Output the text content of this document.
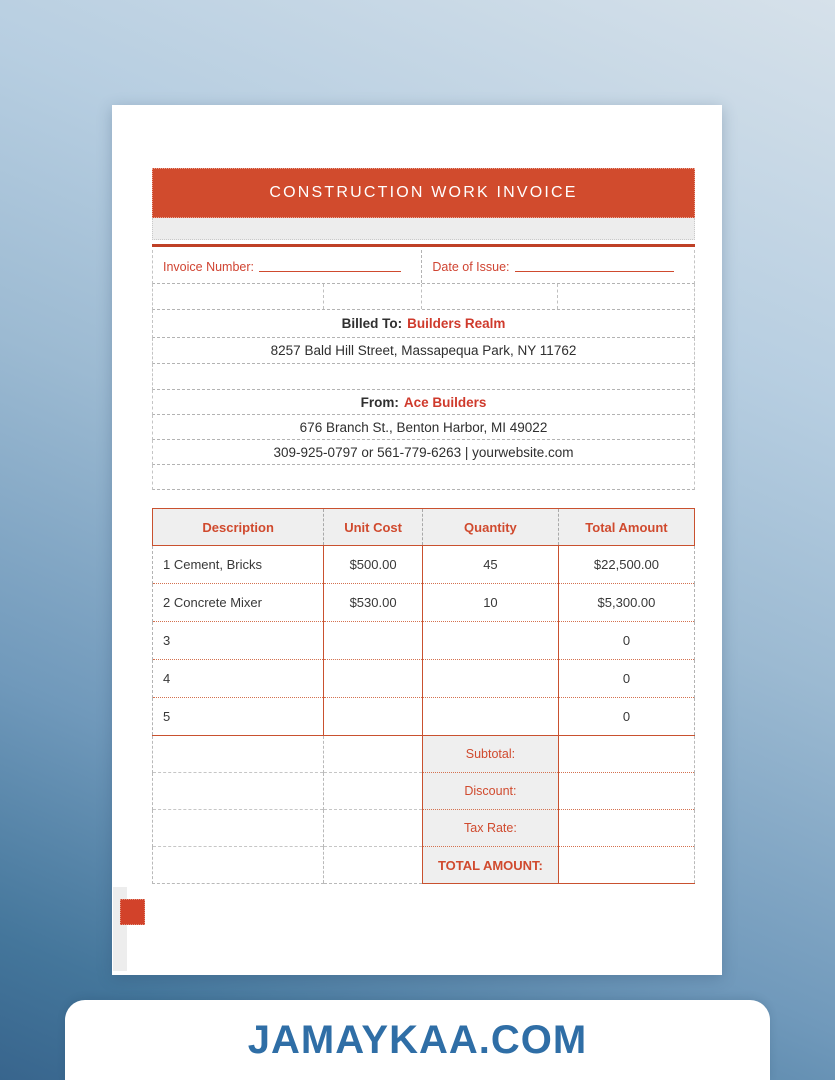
CONSTRUCTION WORK INVOICE
Invoice Number:	Date of Issue:
Billed To: Builders Realm
8257 Bald Hill Street, Massapequa Park, NY 11762
From: Ace Builders
676 Branch St., Benton Harbor, MI 49022
309-925-0797 or 561-779-6263 | yourwebsite.com
Description	Unit Cost	Quantity	Total Amount
1 Cement, Bricks	$500.00	45	$22,500.00
2 Concrete Mixer	$530.00	10	$5,300.00
3			0
4			0
5			0
		Subtotal:	
		Discount:	
		Tax Rate:	
		TOTAL AMOUNT:	
JAMAYKAA.COM
